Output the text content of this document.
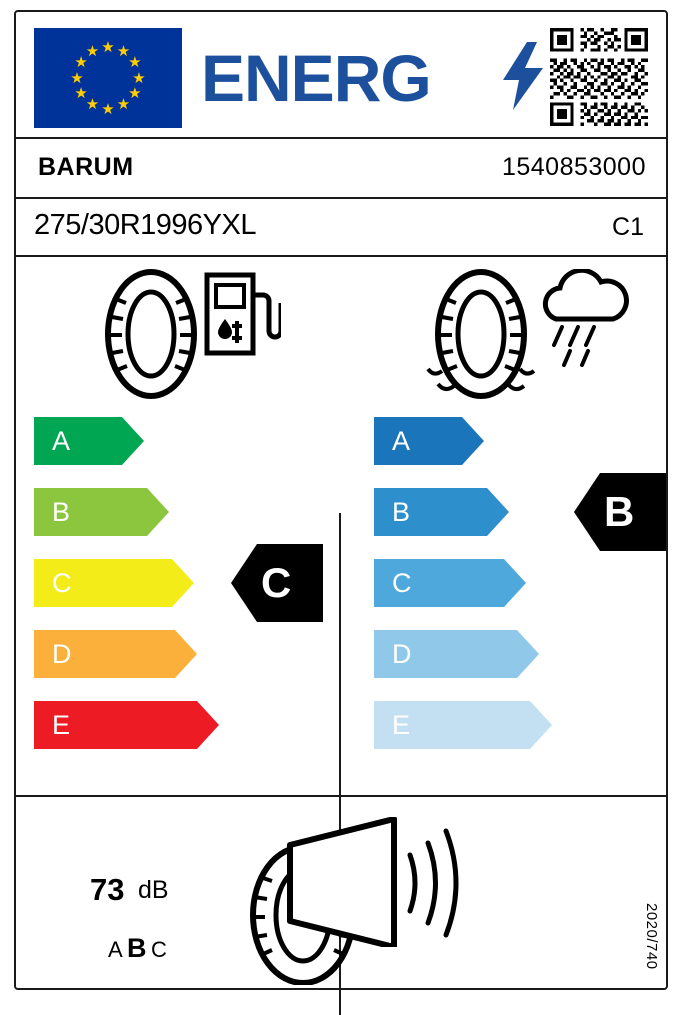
★ ★
★
★
★
★
★
★
★
★
★
★ ENERG
BARUM	1540853000
275/30R1996YXL	C1
A
B
C
D
E
C
A
B
C
D
E
B
73 dB
A B C	2020/740
